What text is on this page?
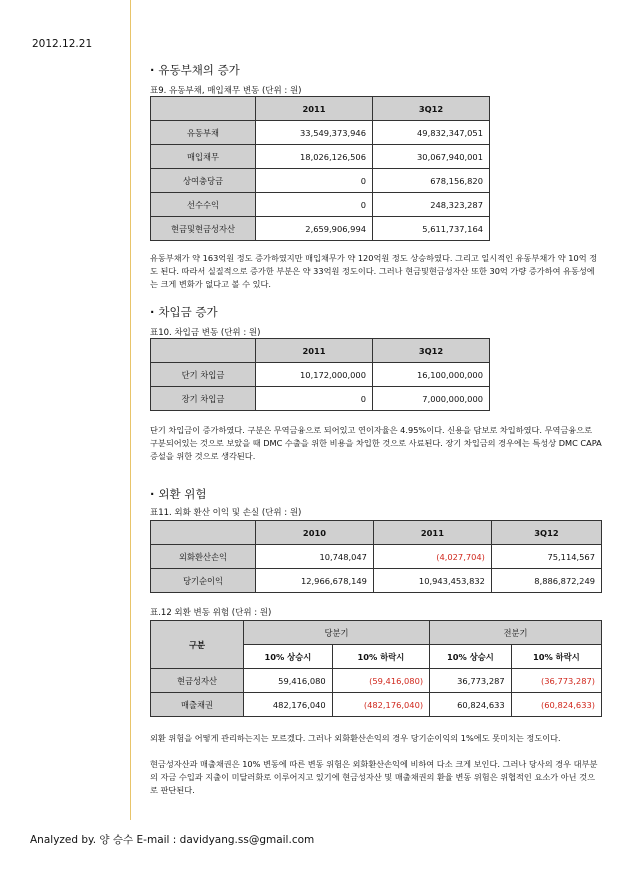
2012.12.21
· 유동부채의 증가
표9. 유동부채, 매입채무 변동 (단위 : 원)
	2011	3Q12
유동부채	33,549,373,946	49,832,347,051
매입채무	18,026,126,506	30,067,940,001
상여충당금	0	678,156,820
선수수익	0	248,323,287
현금및현금성자산	2,659,906,994	5,611,737,164
유동부채가 약 163억원 정도 증가하였지만 매입채무가 약 120억원 정도 상승하였다. 그리고 일시적인 유동부채가 약 10억 정도 된다. 따라서 실질적으로 증가한 부분은 약 33억원 정도이다. 그러나 현금및현금성자산 또한 30억 가량 증가하여 유동성에는 크게 변화가 없다고 볼 수 있다.
· 차입금 증가
표10. 차입금 변동 (단위 : 원)
	2011	3Q12
단기 차입금	10,172,000,000	16,100,000,000
장기 차입금	0	7,000,000,000
단기 차입금이 증가하였다. 구분은 무역금융으로 되어있고 연이자율은 4.95%이다. 신용을 담보로 차입하였다. 무역금융으로 구분되어있는 것으로 보았을 때 DMC 수출을 위한 비용을 차입한 것으로 사료된다. 장기 차입금의 경우에는 특성상 DMC CAPA 증설을 위한 것으로 생각된다.
· 외환 위험
표11. 외화 환산 이익 및 손실 (단위 : 원)
	2010	2011	3Q12
외화환산손익	10,748,047	(4,027,704)	75,114,567
당기순이익	12,966,678,149	10,943,453,832	8,886,872,249
표.12 외환 변동 위험 (단위 : 원)
구분	당분기		전분기	
	10% 상승시	10% 하락시	10% 상승시	10% 하락시
현금성자산	59,416,080	(59,416,080)	36,773,287	(36,773,287)
매출채권	482,176,040	(482,176,040)	60,824,633	(60,824,633)
외환 위험을 어떻게 관리하는지는 모르겠다. 그러나 외화환산손익의 경우 당기순이익의 1%에도 못미치는 정도이다.
현금성자산과 매출채권은 10% 변동에 따른 변동 위험은 외화환산손익에 비하여 다소 크게 보인다. 그러나 당사의 경우 대부분의 자금 수입과 지출이 미달러화로 이루어지고 있기에 현금성자산 및 매출채권의 환율 변동 위험은 위협적인 요소가 아닌 것으로 판단된다.
Analyzed by. 양 승수 E-mail : davidyang.ss@gmail.com
